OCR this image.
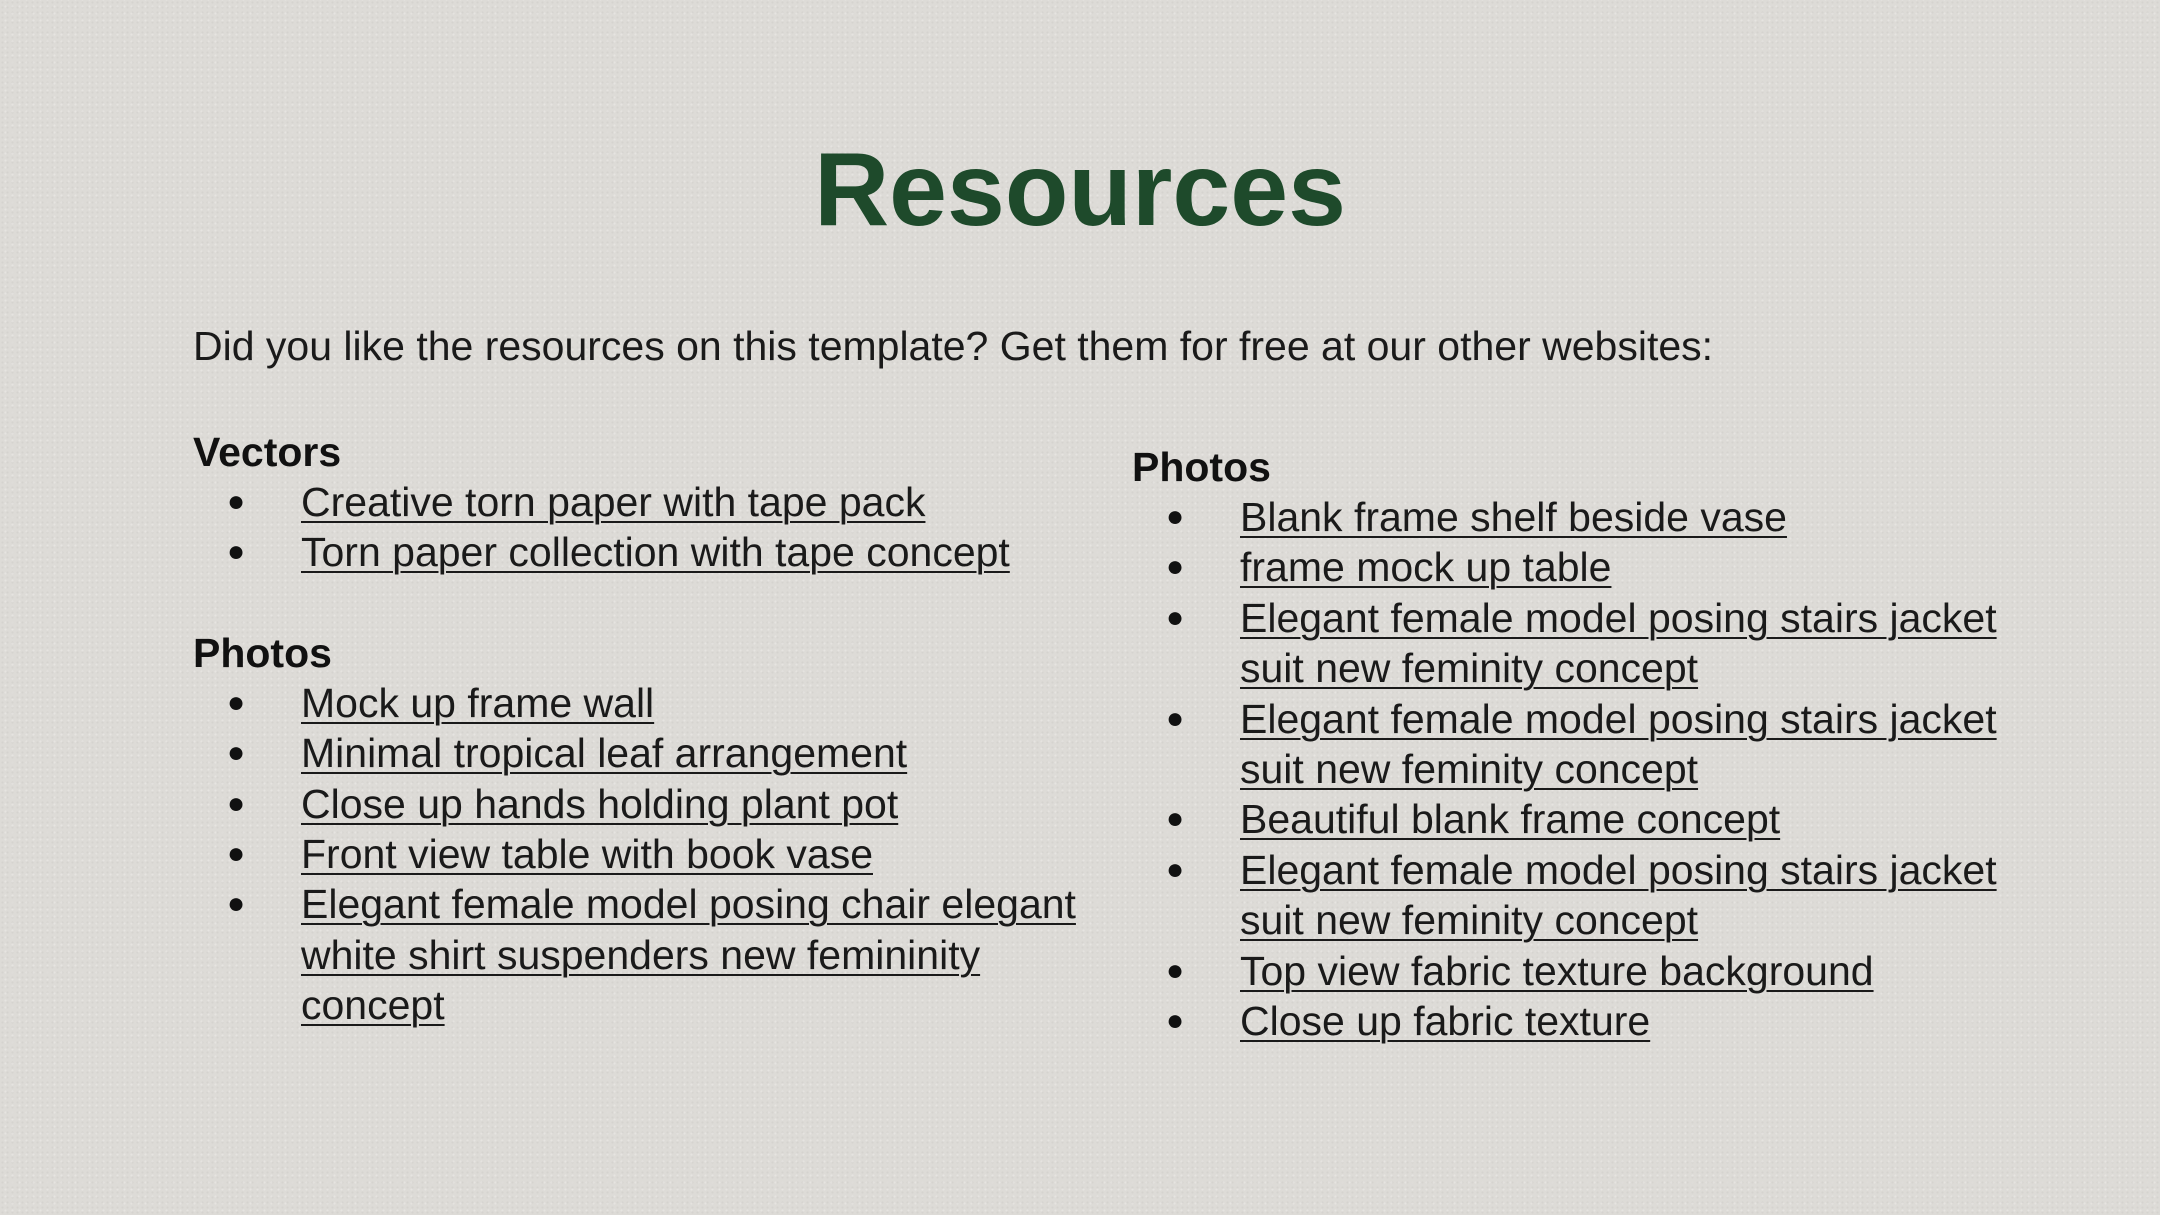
Resources

Did you like the resources on this template? Get them for free at our other websites:

Vectors

● Creative torn paper with tape pack
● Torn paper collection with tape concept

Photos

● Mock up frame wall
● Minimal tropical leaf arrangement
● Close up hands holding plant pot
● Front view table with book vase
● Elegant female model posing chair elegant white shirt suspenders new femininity concept

Photos

● Blank frame shelf beside vase
● frame mock up table
● Elegant female model posing stairs jacket suit new feminity concept
● Elegant female model posing stairs jacket suit new feminity concept
● Beautiful blank frame concept
● Elegant female model posing stairs jacket suit new feminity concept
● Top view fabric texture background
● Close up fabric texture
